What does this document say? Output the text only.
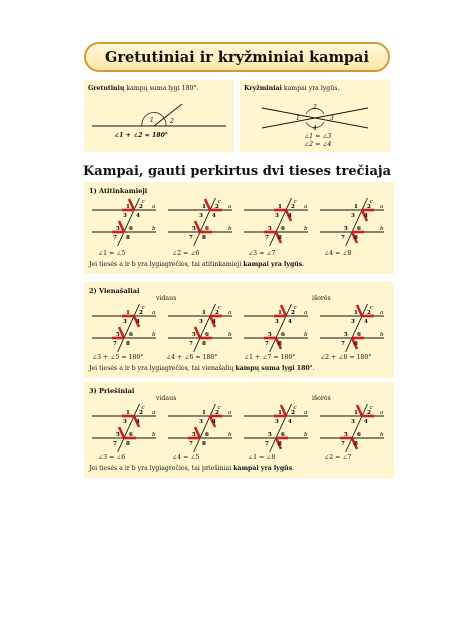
Gretutiniai ir kryžminiai kampai
Gretutinių kampų suma lygi 180°.
1	2
∠1 + ∠2 = 180°
Kryžminiai kampai yra lygūs.
1
2
3
4
∠1 = ∠3
∠2 = ∠4
Kampai, gauti perkirtus dvi tieses trečiaja
1) Atitinkamieji
1 2
3 4
5 6
7 8
a
b
c
1 2
3 4
5 6
7 8
a
b
c
1 2
3 4
5 6
7 8
a
b
c
1 2
3 4
5 6
7 8
a
b
c
∠1 = ∠5	∠2 = ∠6	∠3 = ∠7	∠4 = ∠8
Jei tiesės a ir b yra lygiagrečios, tai atitinkamieji kampai yra lygūs.
2) Vienašaliai
vidaus	išorės
1 2
3 4
5 6
7 8
a
b
c
1 2
3 4
5 6
7 8
a
b
c
1 2
3 4
5 6
7 8
a
b
c
1 2
3 4
5 6
7 8
a
b
c
∠3 + ∠5 = 180°	∠4 + ∠6 = 180°	∠1 + ∠7 = 180°	∠2 + ∠8 = 180°
Jei tiesės a ir b yra lygiagrečios, tai vienašalių kampų suma lygi 180°.
3) Priešiniai
vidaus	išorės
1 2
3 4
5 6
7 8
a
b
c
1 2
3 4
5 6
7 8
a
b
c
1 2
3 4
5 6
7 8
a
b
c
1 2
3 4
5 6
7 8
a
b
c
∠3 = ∠6	∠4 = ∠5	∠1 = ∠8	∠2 = ∠7
Jei tiesės a ir b yra lygiagrečios, tai priešiniai kampai yra lygūs.
